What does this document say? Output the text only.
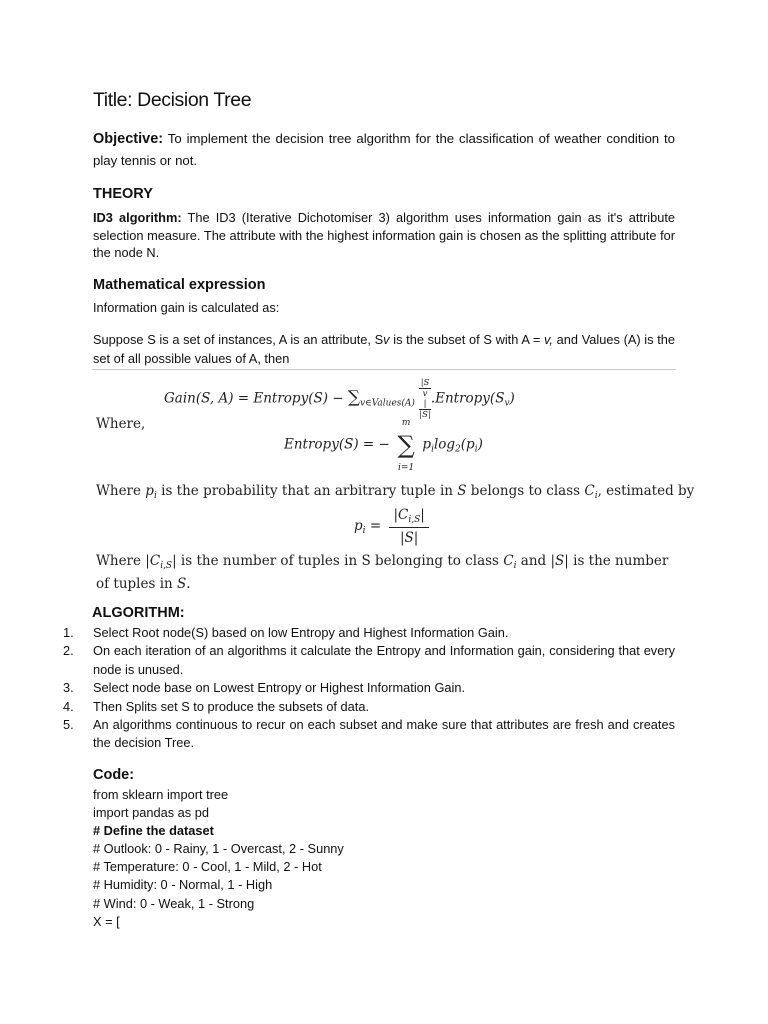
Title: Decision Tree
Objective: To implement the decision tree algorithm for the classification of weather condition to play tennis or not.
THEORY
ID3 algorithm: The ID3 (Iterative Dichotomiser 3) algorithm uses information gain as it's attribute selection measure. The attribute with the highest information gain is chosen as the splitting attribute for the node N.
Mathematical expression
Information gain is calculated as:
Suppose S is a set of instances, A is an attribute, Sv is the subset of S with A = v, and Values (A) is the set of all possible values of A, then
Gain(S, A) = Entropy(S) − $\sum_{v\in Values(A)}$ |S
v
|
|S| $.Entropy(S_v)$
Where,
Entropy(S) = −
m
∑
i=1
$p_i\log_2(p_i)$
Where $p_i$ is the probability that an arbitrary tuple in S belongs to class $C_i$, estimated by
$p_i = \frac{|C_{i,S}|}{|S|}$
Where $|C_{i,S}|$ is the number of tuples in S belonging to class $C_i$ and |S| is the number of tuples in S.
ALGORITHM:
1.	Select Root node(S) based on low Entropy and Highest Information Gain.
2.	On each iteration of an algorithms it calculate the Entropy and Information gain, considering that every node is unused.
3.	Select node base on Lowest Entropy or Highest Information Gain.
4.	Then Splits set S to produce the subsets of data.
5.	An algorithms continuous to recur on each subset and make sure that attributes are fresh and creates the decision Tree.
Code:
from sklearn import tree
import pandas as pd
# Define the dataset
# Outlook: 0 - Rainy, 1 - Overcast, 2 - Sunny
# Temperature: 0 - Cool, 1 - Mild, 2 - Hot
# Humidity: 0 - Normal, 1 - High
# Wind: 0 - Weak, 1 - Strong
X = [
